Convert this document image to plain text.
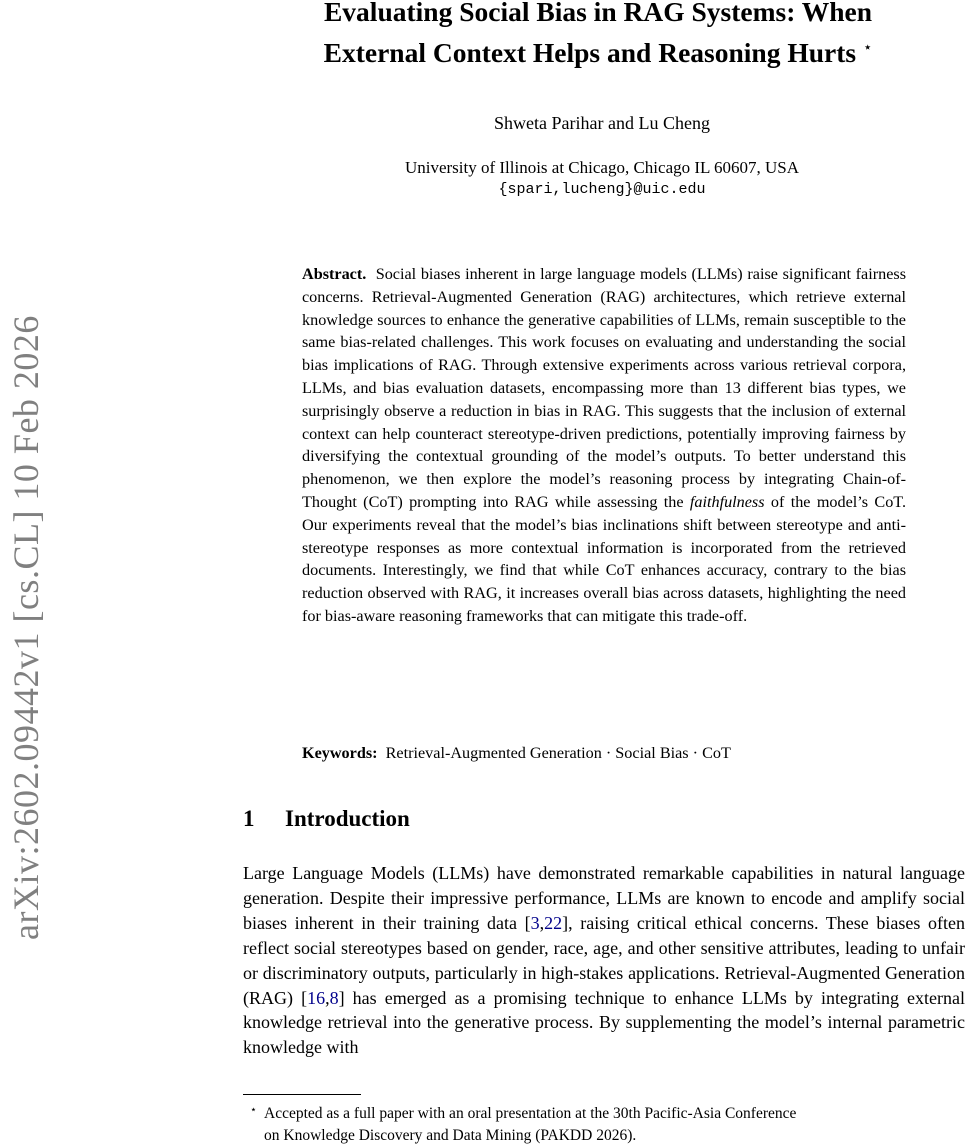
arXiv:2602.09442v1 [cs.CL] 10 Feb 2026
Evaluating Social Bias in RAG Systems: When
External Context Helps and Reasoning Hurts ⋆
Shweta Parihar and Lu Cheng
University of Illinois at Chicago, Chicago IL 60607, USA
{spari,lucheng}@uic.edu

Abstract. Social biases inherent in large language models (LLMs) raise significant fairness concerns. Retrieval-Augmented Generation (RAG) architectures, which retrieve external knowledge sources to enhance the generative capabilities of LLMs, remain susceptible to the same bias-related challenges. This work focuses on evaluating and understanding the social bias implications of RAG. Through extensive experiments across various retrieval corpora, LLMs, and bias evaluation datasets, encompassing more than 13 different bias types, we surprisingly observe a reduction in bias in RAG. This suggests that the inclusion of external context can help counteract stereotype-driven predictions, potentially improving fairness by diversifying the contextual grounding of the model’s outputs. To better understand this phenomenon, we then explore the model’s reasoning process by integrating Chain-of-Thought (CoT) prompting into RAG while assessing the faithfulness of the model’s CoT. Our experiments reveal that the model’s bias inclinations shift between stereotype and anti-stereotype responses as more contextual information is incorporated from the retrieved documents. Interestingly, we find that while CoT enhances accuracy, contrary to the bias reduction observed with RAG, it increases overall bias across datasets, highlighting the need for bias-aware reasoning frameworks that can mitigate this trade-off.

Keywords: Retrieval-Augmented Generation · Social Bias · CoT
1 Introduction

Large Language Models (LLMs) have demonstrated remarkable capabilities in natural language generation. Despite their impressive performance, LLMs are known to encode and amplify social biases inherent in their training data [3,22], raising critical ethical concerns. These biases often reflect social stereotypes based on gender, race, age, and other sensitive attributes, leading to unfair or discriminatory outputs, particularly in high-stakes applications. Retrieval-Augmented Generation (RAG) [16,8] has emerged as a promising technique to enhance LLMs by integrating external knowledge retrieval into the generative process. By supplementing the model’s internal parametric knowledge with

⋆ Accepted as a full paper with an oral presentation at the 30th Pacific-Asia Conference
on Knowledge Discovery and Data Mining (PAKDD 2026).
